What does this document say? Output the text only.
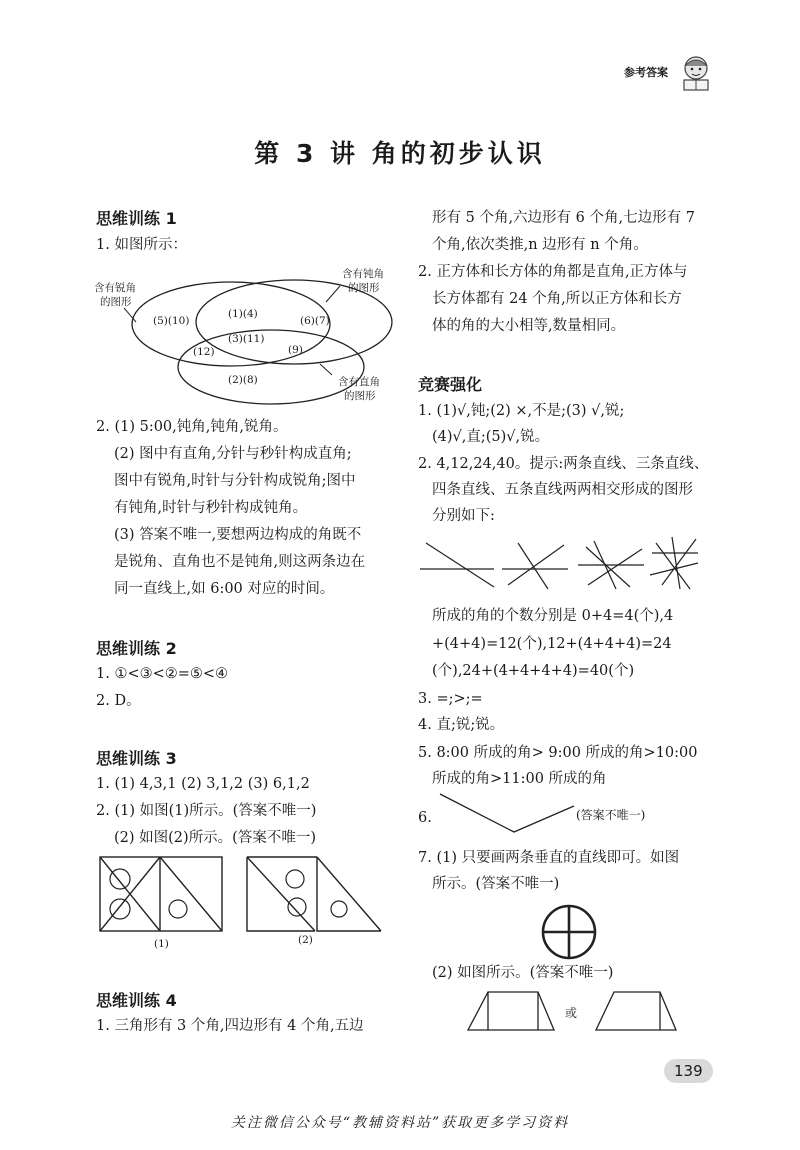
参考答案
第 3 讲 角的初步认识
思维训练 1
1. 如图所示：
含有锐角
的图形
含有钝角
的图形
含有直角
的图形
(5)(10)
(1)(4)
(6)(7)
(12)
(3)(11)
(9)
(2)(8)
2. (1) 5:00,钝角,钝角,锐角。
(2) 图中有直角,分针与秒针构成直角;
图中有锐角,时针与分针构成锐角;图中
有钝角,时针与秒针构成钝角。
(3) 答案不唯一,要想两边构成的角既不
是锐角、直角也不是钝角,则这两条边在
同一直线上,如 6:00 对应的时间。
思维训练 2
1. ①<③<②=⑤<④
2. D。
思维训练 3
1. (1) 4,3,1 (2) 3,1,2 (3) 6,1,2
2. (1) 如图(1)所示。(答案不唯一)
(2) 如图(2)所示。(答案不唯一)
(1)	(2)
思维训练 4
1. 三角形有 3 个角,四边形有 4 个角,五边
形有 5 个角,六边形有 6 个角,七边形有 7
个角,依次类推,n 边形有 n 个角。
2. 正方体和长方体的角都是直角,正方体与
长方体都有 24 个角,所以正方体和长方
体的角的大小相等,数量相同。
竞赛强化
1. (1)√,钝;(2) ×,不是;(3) √,锐;
(4)√,直;(5)√,锐。
2. 4,12,24,40。提示:两条直线、三条直线、
四条直线、五条直线两两相交形成的图形
分别如下:
所成的角的个数分别是 0+4=4(个),4
+(4+4)=12(个),12+(4+4+4)=24
(个),24+(4+4+4+4)=40(个)
3. =;>;=
4. 直;锐;锐。
5. 8:00 所成的角> 9:00 所成的角>10:00
所成的角>11:00 所成的角
6.	(答案不唯一)
7. (1) 只要画两条垂直的直线即可。如图
所示。(答案不唯一)
(2) 如图所示。(答案不唯一)
或
139
关注微信公众号“教辅资料站”获取更多学习资料
